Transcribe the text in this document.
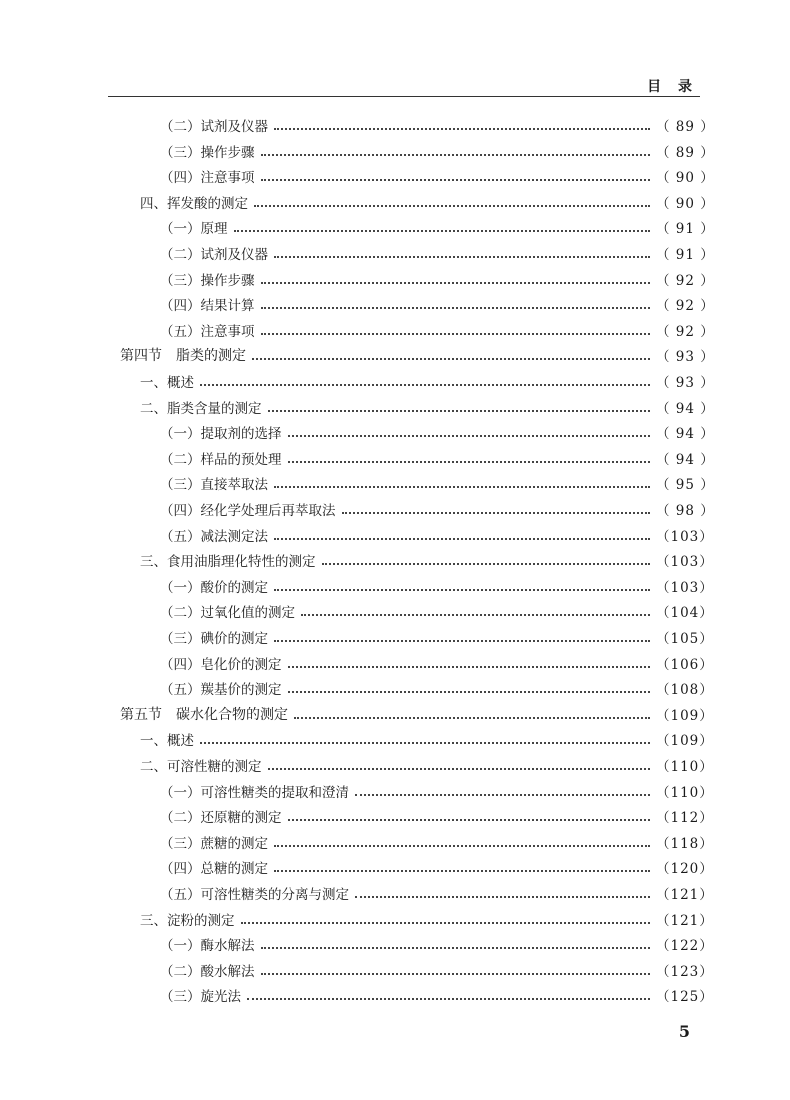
目 录
（二）试剂及仪器	（ 89 ）
（三）操作步骤	（ 89 ）
（四）注意事项	（ 90 ）
四、挥发酸的测定	（ 90 ）
（一）原理	（ 91 ）
（二）试剂及仪器	（ 91 ）
（三）操作步骤	（ 92 ）
（四）结果计算	（ 92 ）
（五）注意事项	（ 92 ）
第四节　脂类的测定	（ 93 ）
一、概述	（ 93 ）
二、脂类含量的测定	（ 94 ）
（一）提取剂的选择	（ 94 ）
（二）样品的预处理	（ 94 ）
（三）直接萃取法	（ 95 ）
（四）经化学处理后再萃取法	（ 98 ）
（五）减法测定法	（103）
三、食用油脂理化特性的测定	（103）
（一）酸价的测定	（103）
（二）过氧化值的测定	（104）
（三）碘价的测定	（105）
（四）皂化价的测定	（106）
（五）羰基价的测定	（108）
第五节　碳水化合物的测定	（109）
一、概述	（109）
二、可溶性糖的测定	（110）
（一）可溶性糖类的提取和澄清	（110）
（二）还原糖的测定	（112）
（三）蔗糖的测定	（118）
（四）总糖的测定	（120）
（五）可溶性糖类的分离与测定	（121）
三、淀粉的测定	（121）
（一）酶水解法	（122）
（二）酸水解法	（123）
（三）旋光法	（125）
5
